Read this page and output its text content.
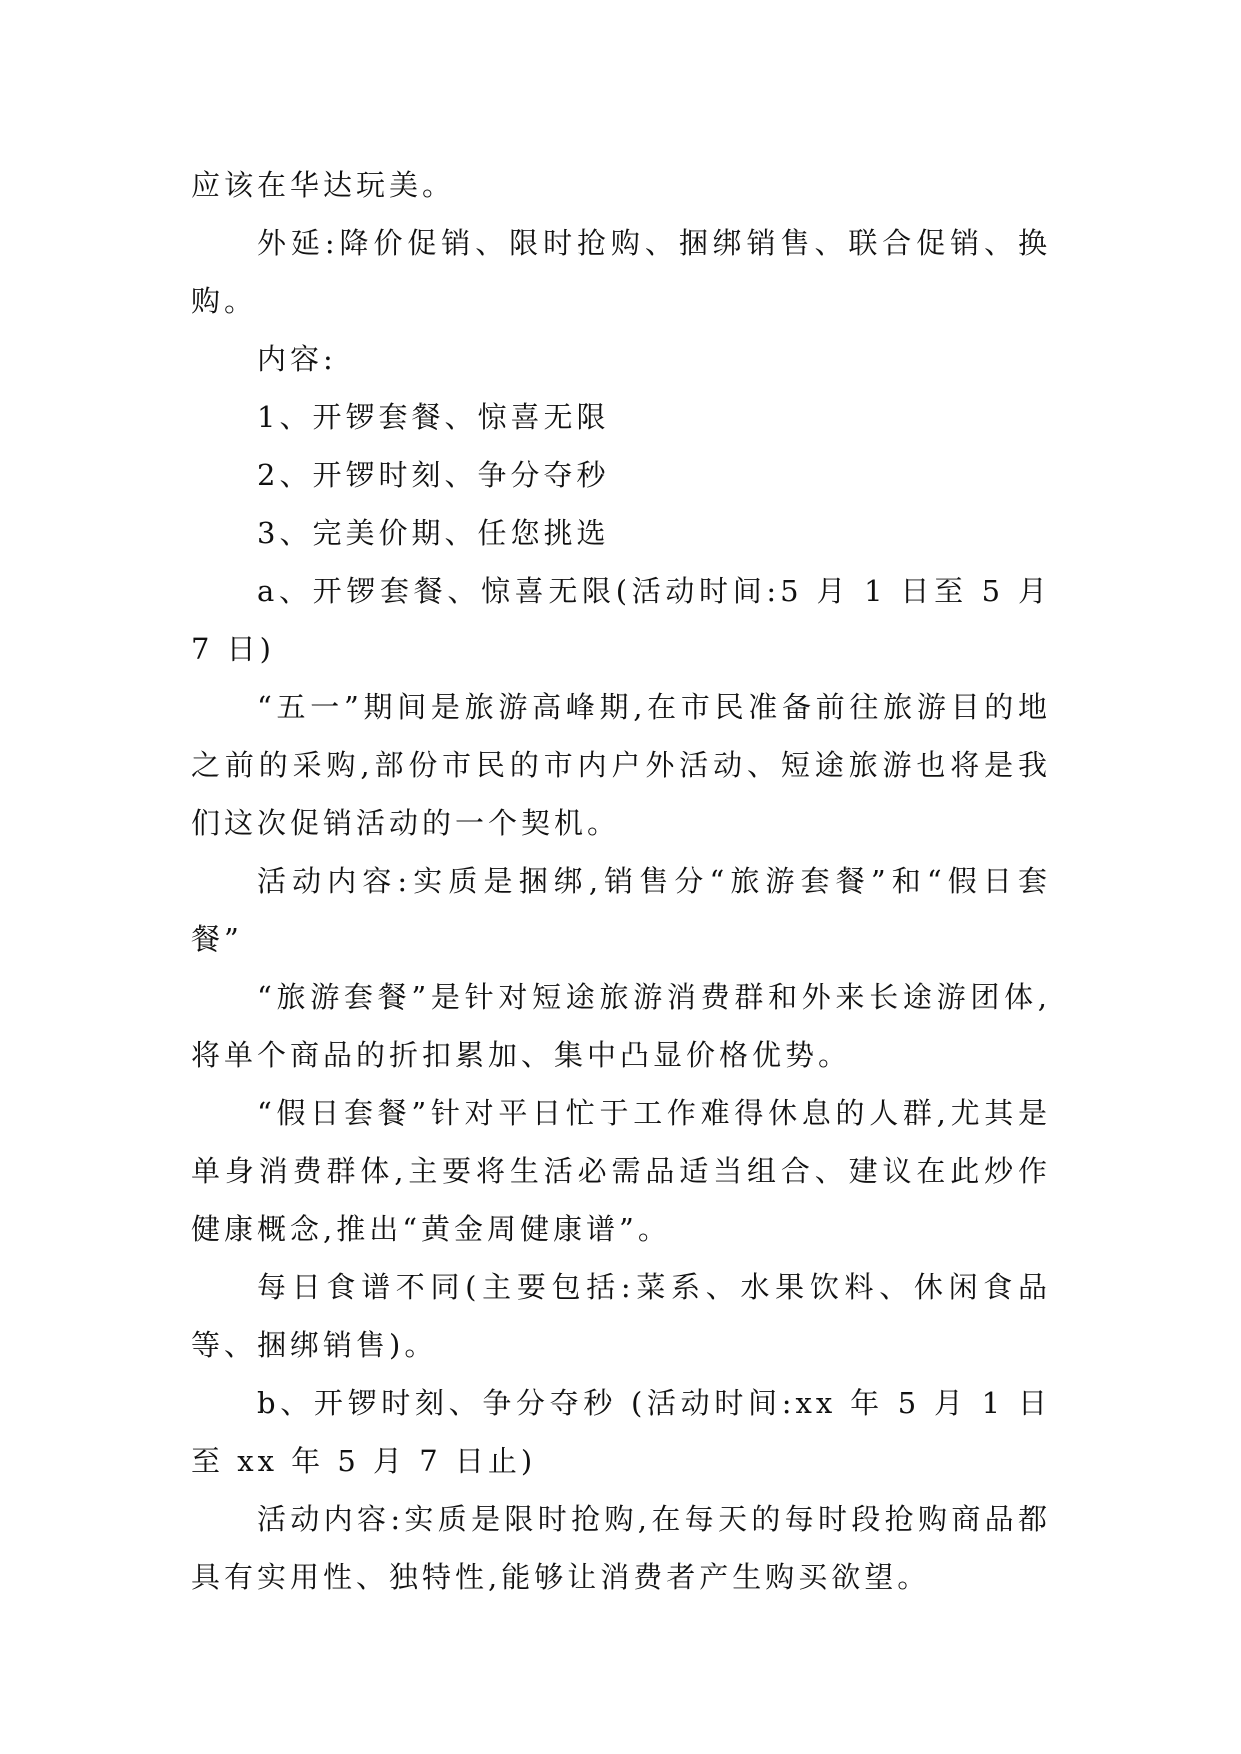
应该在华达玩美。

外延:降价促销、限时抢购、捆绑销售、联合促销、换购。

内容:

1、开锣套餐、惊喜无限

2、开锣时刻、争分夺秒

3、完美价期、任您挑选

a、开锣套餐、惊喜无限(活动时间:5 月 1 日至 5 月 7 日)

“五一”期间是旅游高峰期,在市民准备前往旅游目的地之前的采购,部份市民的市内户外活动、短途旅游也将是我们这次促销活动的一个契机。

活动内容:实质是捆绑,销售分“旅游套餐”和“假日套餐”

“旅游套餐”是针对短途旅游消费群和外来长途游团体,将单个商品的折扣累加、集中凸显价格优势。

“假日套餐”针对平日忙于工作难得休息的人群,尤其是单身消费群体,主要将生活必需品适当组合、建议在此炒作健康概念,推出“黄金周健康谱”。

每日食谱不同(主要包括:菜系、水果饮料、休闲食品等、捆绑销售)。

b、开锣时刻、争分夺秒 (活动时间:xx 年 5 月 1 日至 xx 年 5 月 7 日止)

活动内容:实质是限时抢购,在每天的每时段抢购商品都具有实用性、独特性,能够让消费者产生购买欲望。
